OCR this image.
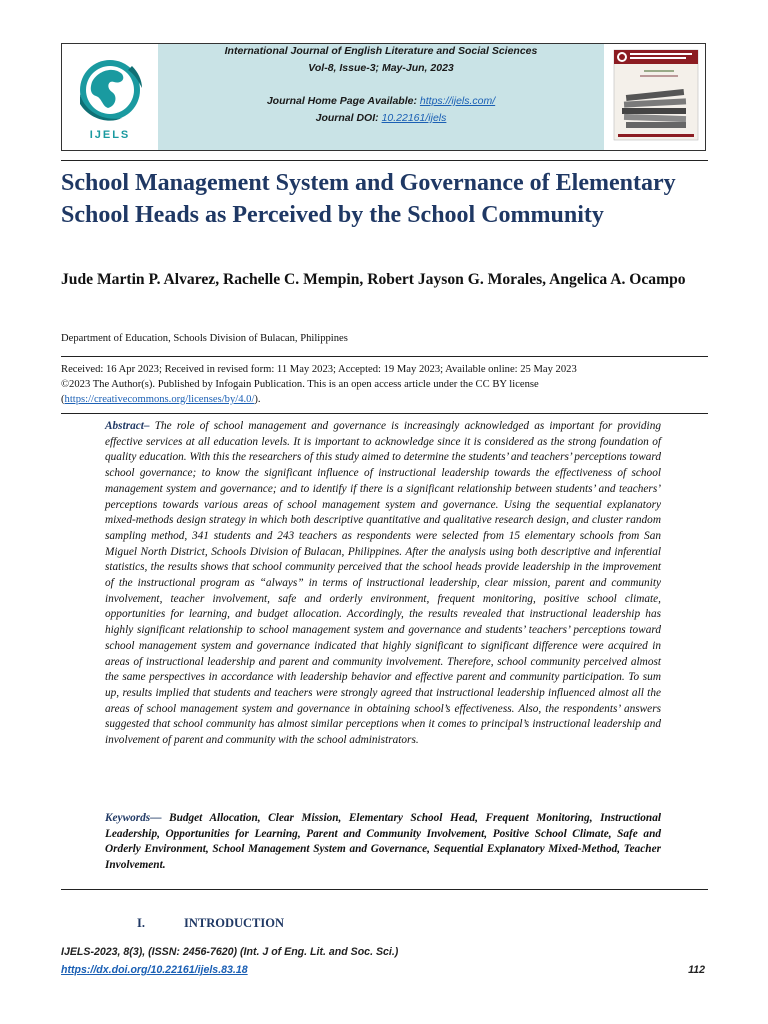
IJELS
International Journal of English Literature and Social Sciences
Vol-8, Issue-3; May-Jun, 2023
Journal Home Page Available: https://ijels.com/
Journal DOI: 10.22161/ijels
School Management System and Governance of Elementary School Heads as Perceived by the School Community
Jude Martin P. Alvarez, Rachelle C. Mempin, Robert Jayson G. Morales, Angelica A. Ocampo
Department of Education, Schools Division of Bulacan, Philippines
Received: 16 Apr 2023; Received in revised form: 11 May 2023; Accepted: 19 May 2023; Available online: 25 May 2023
©2023 The Author(s). Published by Infogain Publication. This is an open access article under the CC BY license
(https://creativecommons.org/licenses/by/4.0/).
Abstract– The role of school management and governance is increasingly acknowledged as important for providing effective services at all education levels. It is important to acknowledge since it is considered as the strong foundation of quality education. With this the researchers of this study aimed to determine the students’ and teachers’ perceptions toward school governance; to know the significant influence of instructional leadership towards the effectiveness of school management system and governance; and to identify if there is a significant relationship between students’ and teachers’ perceptions towards various areas of school management system and governance. Using the sequential explanatory mixed-methods design strategy in which both descriptive quantitative and qualitative research design, and cluster random sampling method, 341 students and 243 teachers as respondents were selected from 15 elementary schools from San Miguel North District, Schools Division of Bulacan, Philippines. After the analysis using both descriptive and inferential statistics, the results shows that school community perceived that the school heads provide leadership in the improvement of the instructional program as “always” in terms of instructional leadership, clear mission, parent and community involvement, teacher involvement, safe and orderly environment, frequent monitoring, positive school climate, opportunities for learning, and budget allocation. Accordingly, the results revealed that instructional leadership has highly significant relationship to school management system and governance and students’ teachers’ perceptions toward school management system and governance indicated that highly significant to significant difference were acquired in areas of instructional leadership and parent and community involvement. Therefore, school community perceived almost the same perspectives in accordance with leadership behavior and effective parent and community participation. To sum up, results implied that students and teachers were strongly agreed that instructional leadership influenced almost all the areas of school management system and governance in obtaining school’s effectiveness. Also, the respondents’ answers suggested that school community has almost similar perceptions when it comes to principal’s instructional leadership and involvement of parent and community with the school administrators.
Keywords— Budget Allocation, Clear Mission, Elementary School Head, Frequent Monitoring, Instructional Leadership, Opportunities for Learning, Parent and Community Involvement, Positive School Climate, Safe and Orderly Environment, School Management System and Governance, Sequential Explanatory Mixed-Method, Teacher Involvement.
I.	INTRODUCTION
IJELS-2023, 8(3), (ISSN: 2456-7620) (Int. J of Eng. Lit. and Soc. Sci.)
https://dx.doi.org/10.22161/ijels.83.18	112
